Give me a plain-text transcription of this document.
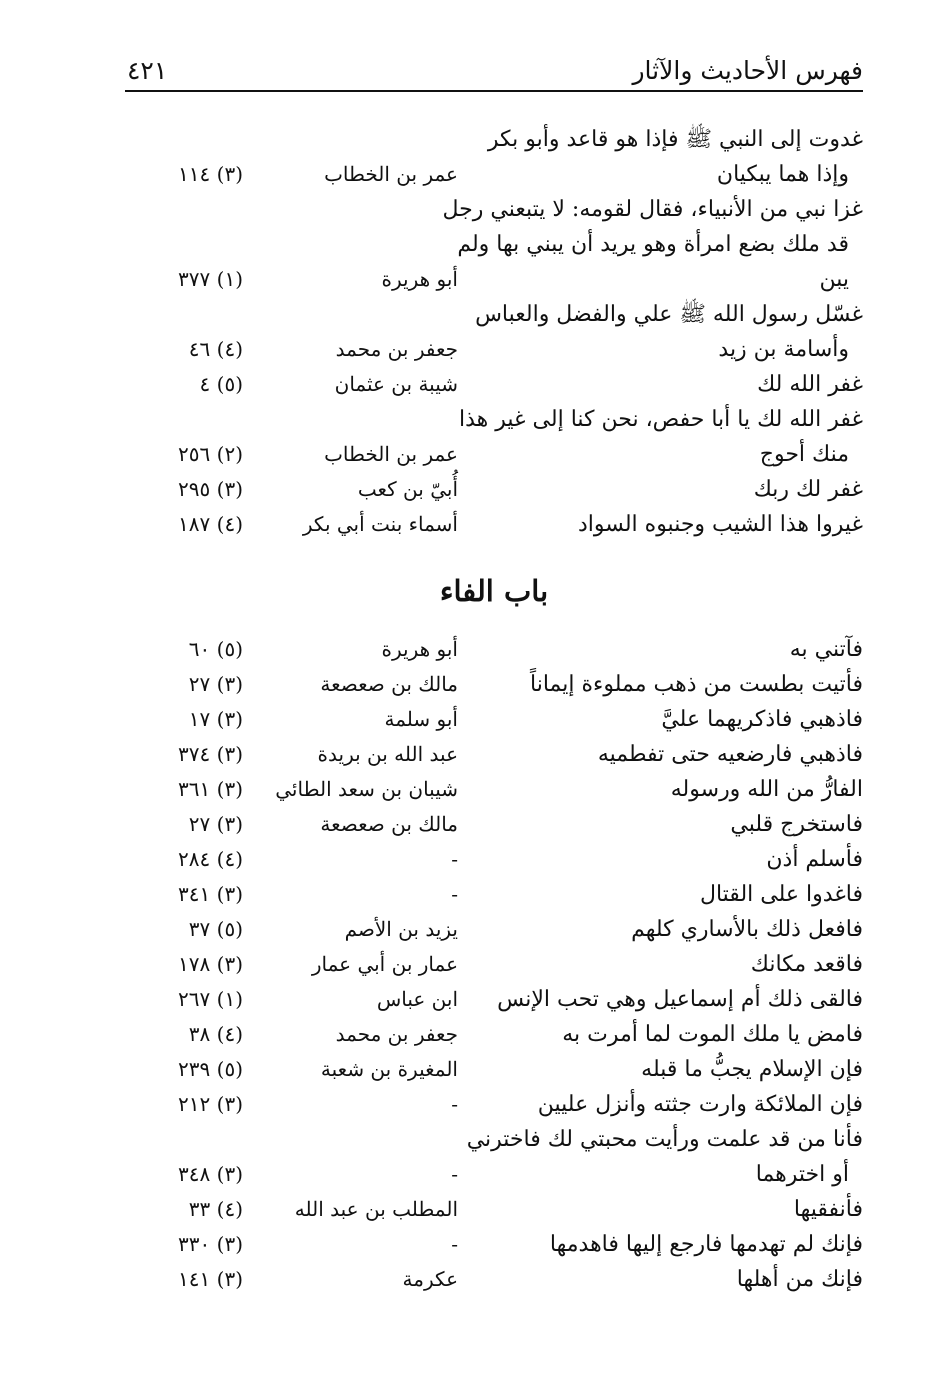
فهرس الأحاديث والآثار
٤٢١
غدوت إلى النبي ﷺ فإذا هو قاعد وأبو بكر
وإذا هما يبكيان
عمر بن الخطاب
(٣) ١١٤
غزا نبي من الأنبياء، فقال لقومه: لا يتبعني رجل
قد ملك بضع امرأة وهو يريد أن يبني بها ولم
يبن
أبو هريرة
(١) ٣٧٧
غسّل رسول الله ﷺ علي والفضل والعباس
وأسامة بن زيد
جعفر بن محمد
(٤) ٤٦
غفر الله لك
شيبة بن عثمان
(٥) ٤
غفر الله لك يا أبا حفص، نحن كنا إلى غير هذا
منك أحوج
عمر بن الخطاب
(٢) ٢٥٦
غفر لك ربك
أُبيّ بن كعب
(٣) ٢٩٥
غيروا هذا الشيب وجنبوه السواد
أسماء بنت أبي بكر
(٤) ١٨٧
باب الفاء
فآتني به
أبو هريرة
(٥) ٦٠
فأتيت بطست من ذهب مملوءة إيماناً
مالك بن صعصعة
(٣) ٢٧
فاذهبي فاذكريهما عليَّ
أبو سلمة
(٣) ١٧
فاذهبي فارضعيه حتى تفطميه
عبد الله بن بريدة
(٣) ٣٧٤
الفارُّ من الله ورسوله
شيبان بن سعد الطائي
(٣) ٣٦١
فاستخرج قلبي
مالك بن صعصعة
(٣) ٢٧
فأسلم أذن
-
(٤) ٢٨٤
فاغدوا على القتال
-
(٣) ٣٤١
فافعل ذلك بالأساري كلهم
يزيد بن الأصم
(٥) ٣٧
فاقعد مكانك
عمار بن أبي عمار
(٣) ١٧٨
فالقى ذلك أم إسماعيل وهي تحب الإنس
ابن عباس
(١) ٢٦٧
فامض يا ملك الموت لما أمرت به
جعفر بن محمد
(٤) ٣٨
فإن الإسلام يجبُّ ما قبله
المغيرة بن شعبة
(٥) ٢٣٩
فإن الملائكة وارت جثته وأنزل عليين
-
(٣) ٢١٢
فأنا من قد علمت ورأيت محبتي لك فاخترني
أو اخترهما
-
(٣) ٣٤٨
فأنفقيها
المطلب بن عبد الله
(٤) ٣٣
فإنك لم تهدمها فارجع إليها فاهدمها
-
(٣) ٣٣٠
فإنك من أهلها
عكرمة
(٣) ١٤١
